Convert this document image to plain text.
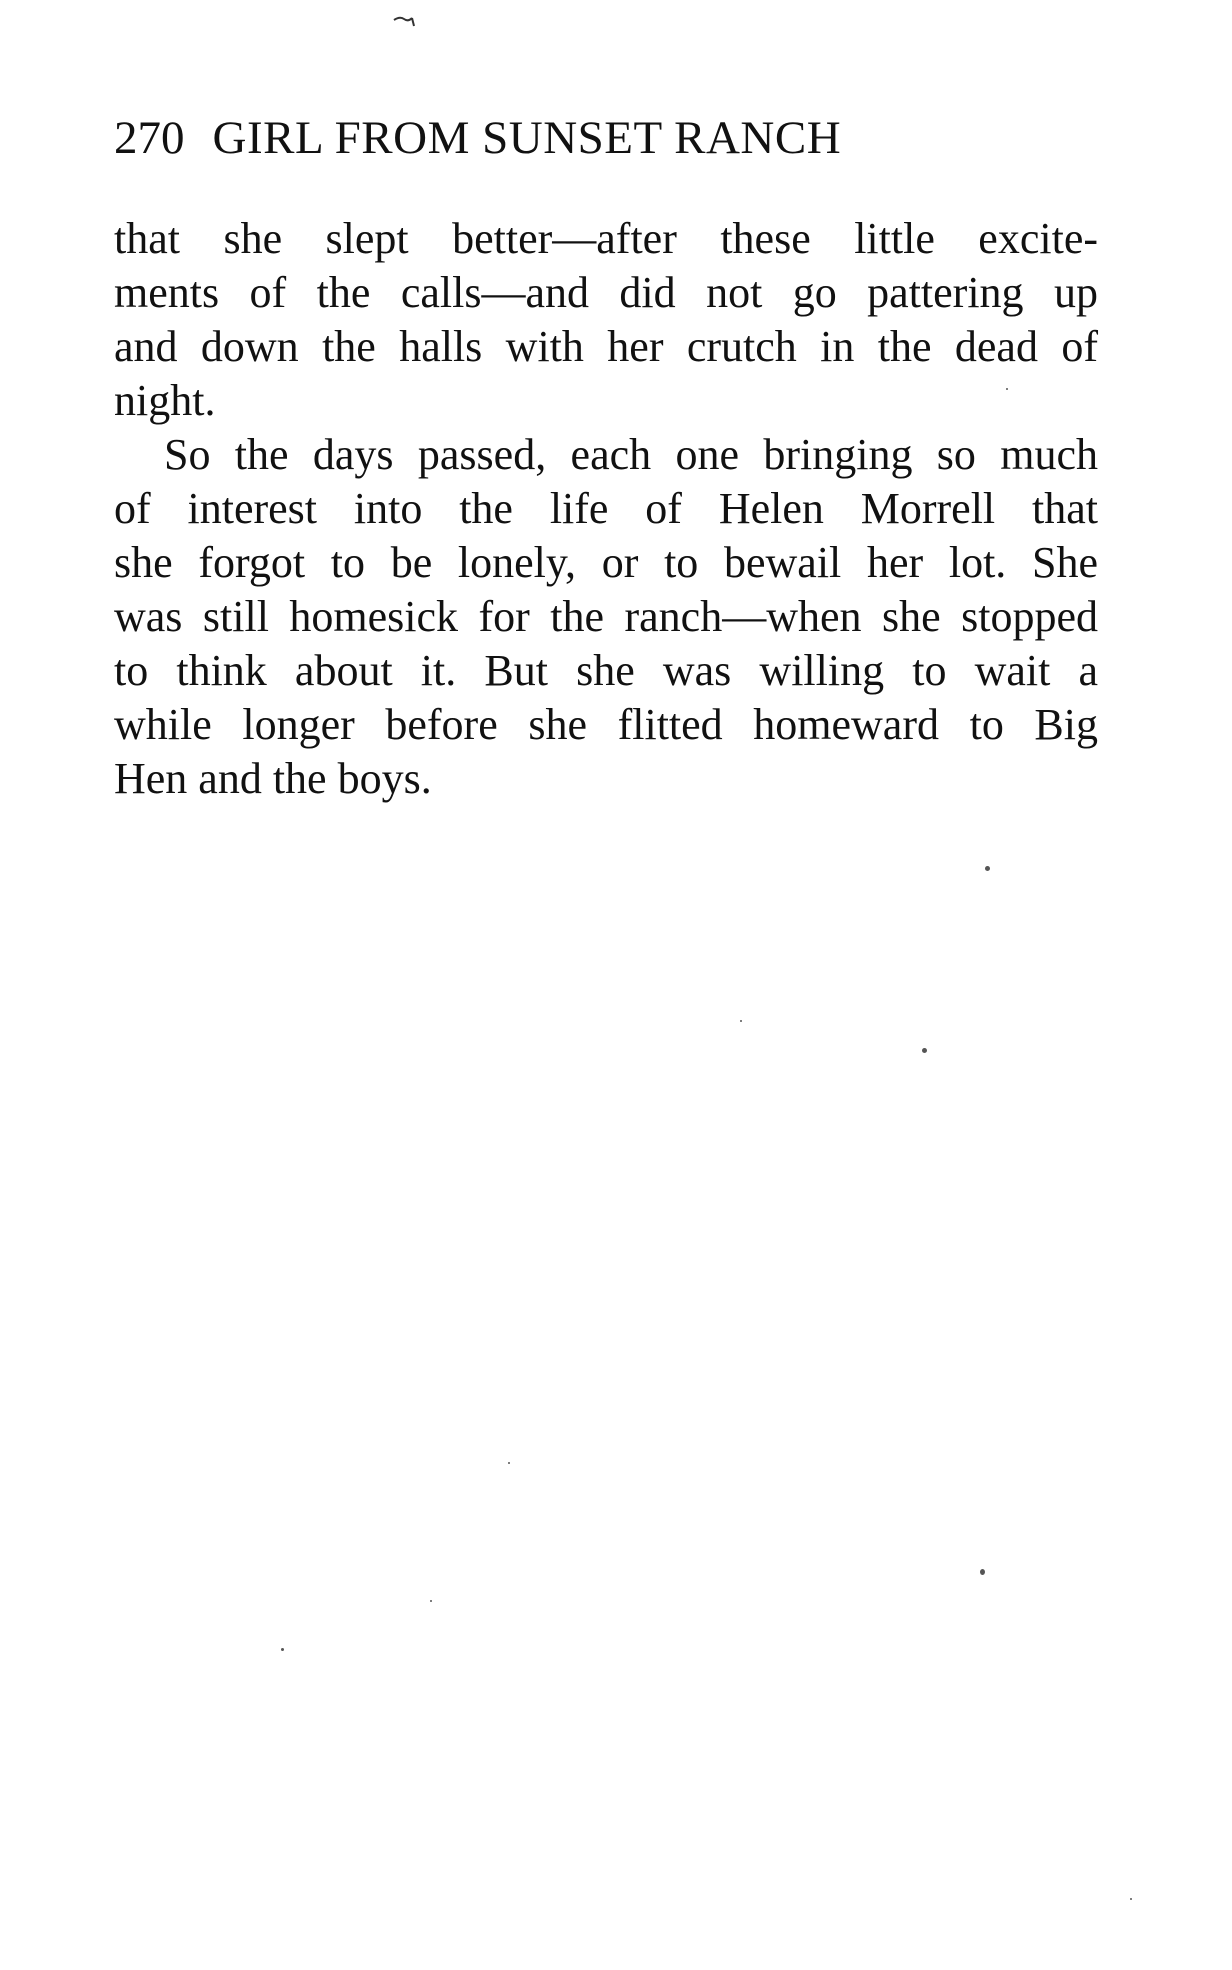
270 GIRL FROM SUNSET RANCH
that she slept better—after these little excite-
ments of the calls—and did not go pattering up
and down the halls with her crutch in the dead of
night.
So the days passed, each one bringing so much
of interest into the life of Helen Morrell that
she forgot to be lonely, or to bewail her lot. She
was still homesick for the ranch—when she stopped
to think about it. But she was willing to wait a
while longer before she flitted homeward to Big
Hen and the boys.
